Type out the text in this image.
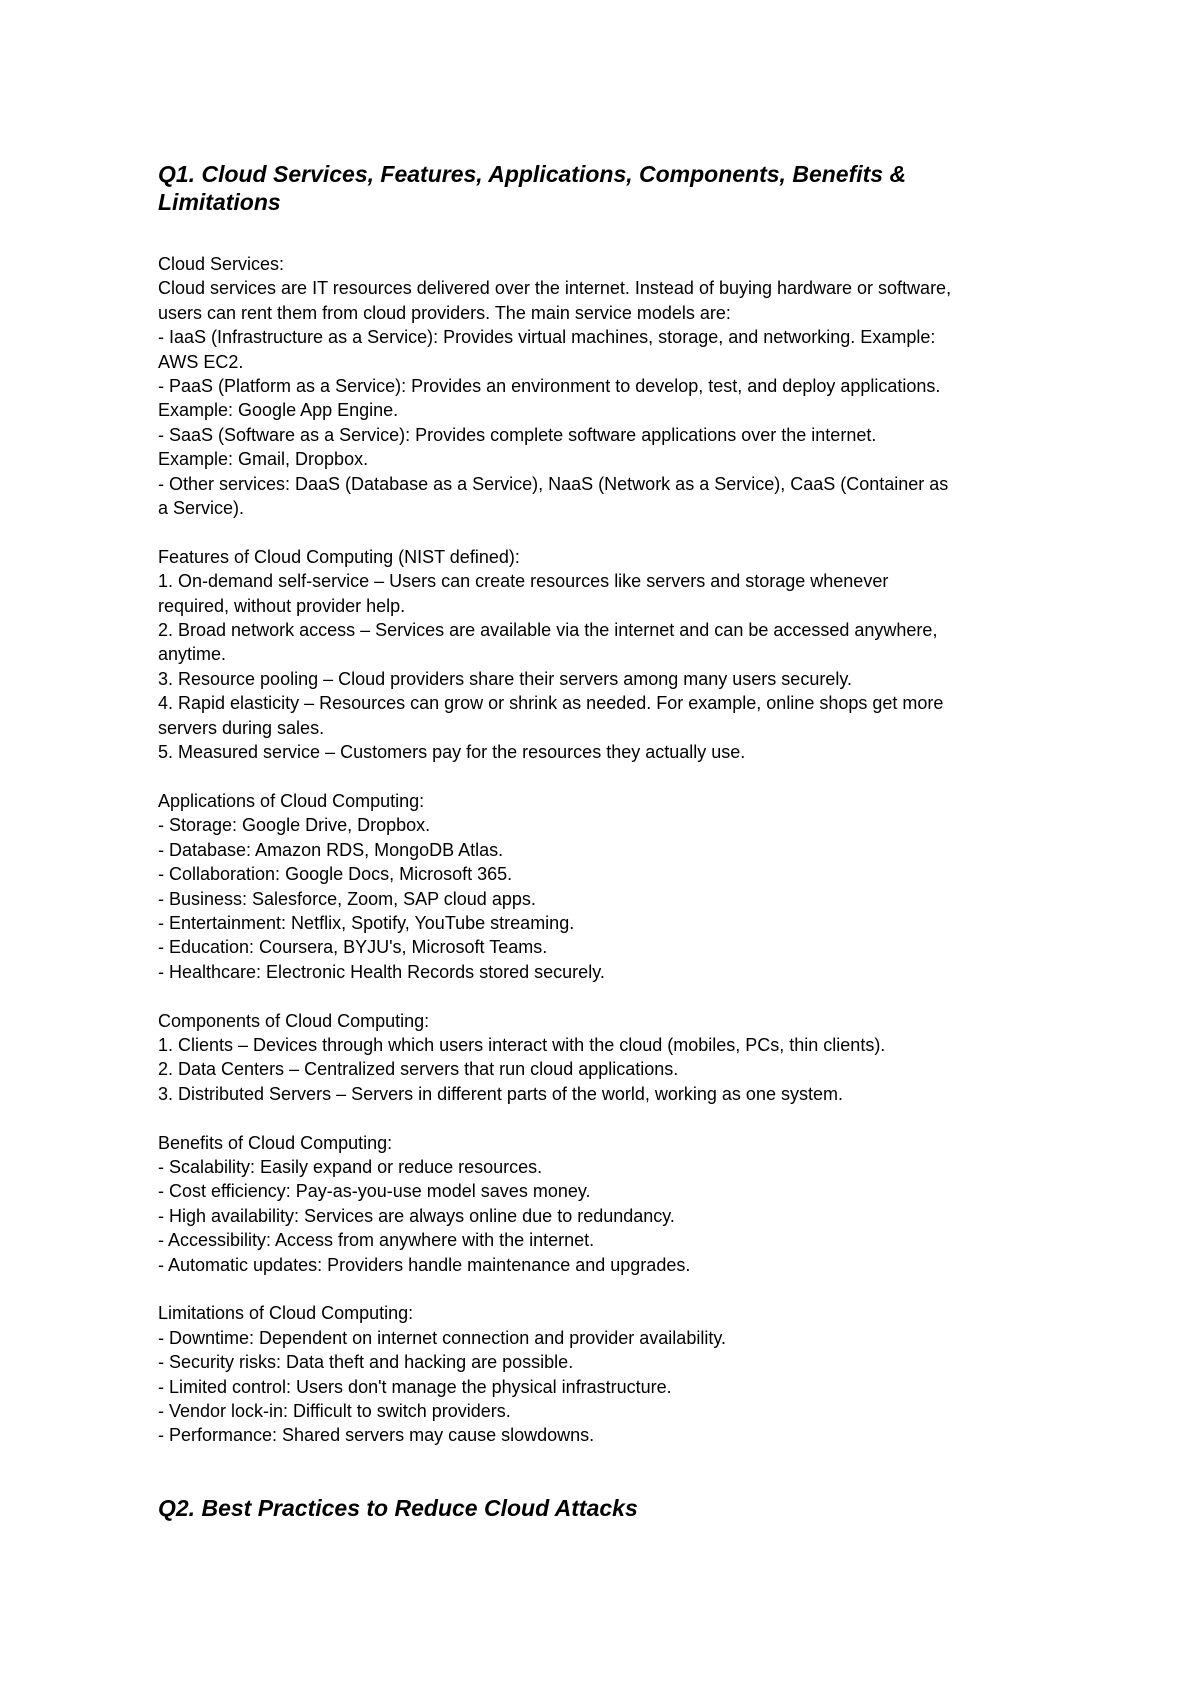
Q1. Cloud Services, Features, Applications, Components, Benefits &
Limitations
Cloud Services:
Cloud services are IT resources delivered over the internet. Instead of buying hardware or software,
users can rent them from cloud providers. The main service models are:
- IaaS (Infrastructure as a Service): Provides virtual machines, storage, and networking. Example:
AWS EC2.
- PaaS (Platform as a Service): Provides an environment to develop, test, and deploy applications.
Example: Google App Engine.
- SaaS (Software as a Service): Provides complete software applications over the internet.
Example: Gmail, Dropbox.
- Other services: DaaS (Database as a Service), NaaS (Network as a Service), CaaS (Container as
a Service).
Features of Cloud Computing (NIST defined):
1. On-demand self-service – Users can create resources like servers and storage whenever
required, without provider help.
2. Broad network access – Services are available via the internet and can be accessed anywhere,
anytime.
3. Resource pooling – Cloud providers share their servers among many users securely.
4. Rapid elasticity – Resources can grow or shrink as needed. For example, online shops get more
servers during sales.
5. Measured service – Customers pay for the resources they actually use.
Applications of Cloud Computing:
- Storage: Google Drive, Dropbox.
- Database: Amazon RDS, MongoDB Atlas.
- Collaboration: Google Docs, Microsoft 365.
- Business: Salesforce, Zoom, SAP cloud apps.
- Entertainment: Netflix, Spotify, YouTube streaming.
- Education: Coursera, BYJU's, Microsoft Teams.
- Healthcare: Electronic Health Records stored securely.
Components of Cloud Computing:
1. Clients – Devices through which users interact with the cloud (mobiles, PCs, thin clients).
2. Data Centers – Centralized servers that run cloud applications.
3. Distributed Servers – Servers in different parts of the world, working as one system.
Benefits of Cloud Computing:
- Scalability: Easily expand or reduce resources.
- Cost efficiency: Pay-as-you-use model saves money.
- High availability: Services are always online due to redundancy.
- Accessibility: Access from anywhere with the internet.
- Automatic updates: Providers handle maintenance and upgrades.
Limitations of Cloud Computing:
- Downtime: Dependent on internet connection and provider availability.
- Security risks: Data theft and hacking are possible.
- Limited control: Users don't manage the physical infrastructure.
- Vendor lock-in: Difficult to switch providers.
- Performance: Shared servers may cause slowdowns.
Q2. Best Practices to Reduce Cloud Attacks
